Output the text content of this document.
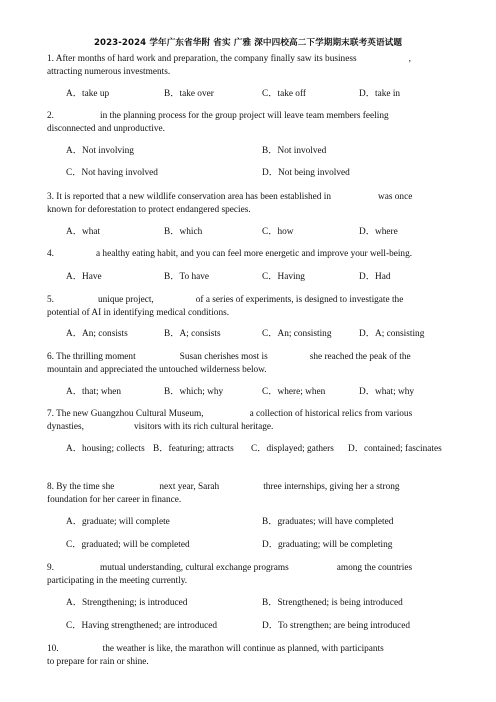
2023-2024 学年广东省华附 省实 广雅 深中四校高二下学期期末联考英语试题
1. After months of hard work and preparation, the company finally saw its business	,
attracting numerous investments.
A．take up	B．take over	C．take off	D．take in
2.	in the planning process for the group project will leave team members feeling
disconnected and unproductive.
A．Not involving	B．Not involved
C．Not having involved	D．Not being involved
3. It is reported that a new wildlife conservation area has been established in	was once
known for deforestation to protect endangered species.
A．what	B．which	C．how	D．where
4.	a healthy eating habit, and you can feel more energetic and improve your well-being.
A．Have	B．To have	C．Having	D．Had
5.	unique project,	of a series of experiments, is designed to investigate the
potential of AI in identifying medical conditions.
A．An; consists	B．A; consists	C．An; consisting	D．A; consisting
6. The thrilling moment	Susan cherishes most is	she reached the peak of the
mountain and appreciated the untouched wilderness below.
A．that; when	B．which; why	C．where; when	D．what; why
7. The new Guangzhou Cultural Museum,	a collection of historical relics from various
dynasties,	visitors with its rich cultural heritage.
A．housing; collects B．featuring; attracts	C．displayed; gathers	D．contained; fascinates
8. By the time she	next year, Sarah	three internships, giving her a strong
foundation for her career in finance.
A．graduate; will complete	B．graduates; will have completed
C．graduated; will be completed	D．graduating; will be completing
9.	mutual understanding, cultural exchange programs	among the countries
participating in the meeting currently.
A．Strengthening; is introduced	B．Strengthened; is being introduced
C．Having strengthened; are introduced	D．To strengthen; are being introduced
10.	the weather is like, the marathon will continue as planned, with participants
to prepare for rain or shine.
